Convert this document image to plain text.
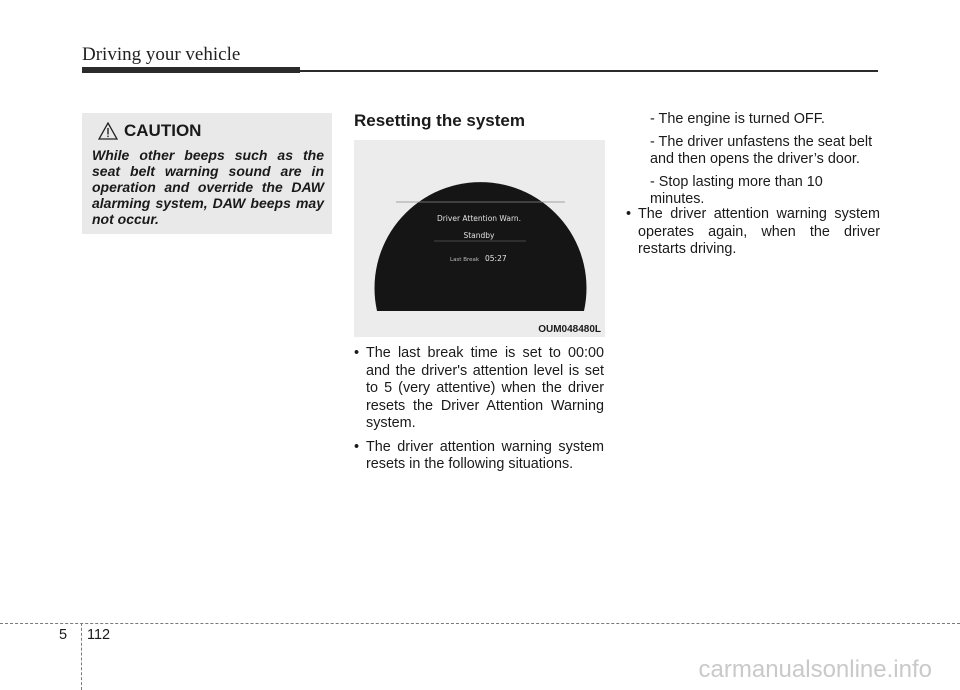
Driving your vehicle
CAUTION

While other beeps such as the seat belt warning sound are in operation and override the DAW alarming system, DAW beeps may not occur.

Resetting the system
Driver Attention Warn.
Standby
Last Break 05:27
OUM048480L
• The last break time is set to 00:00 and the driver's attention level is set to 5 (very attentive) when the driver resets the Driver Attention Warning system.
• The driver attention warning system resets in the following situations.
- The engine is turned OFF.
- The driver unfastens the seat belt and then opens the driver’s door.
- Stop lasting more than 10 minutes.
• The driver attention warning system operates again, when the driver restarts driving.
5 112
carmanualsonline.info
